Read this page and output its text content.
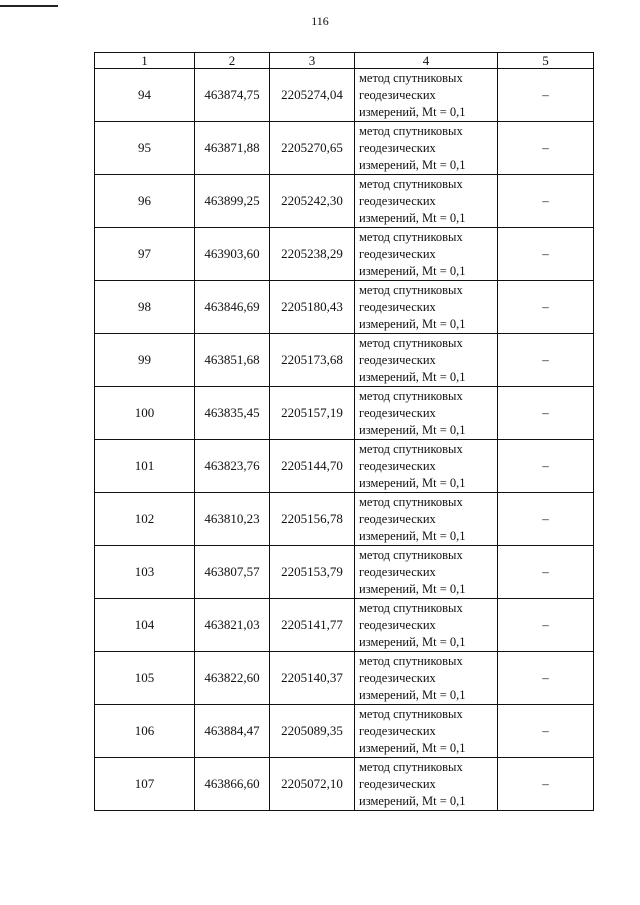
116
1	2	3	4	5
94	463874,75	2205274,04	метод спутниковых
геодезических
измерений, Mt = 0,1	–
95	463871,88	2205270,65	метод спутниковых
геодезических
измерений, Mt = 0,1	–
96	463899,25	2205242,30	метод спутниковых
геодезических
измерений, Mt = 0,1	–
97	463903,60	2205238,29	метод спутниковых
геодезических
измерений, Mt = 0,1	–
98	463846,69	2205180,43	метод спутниковых
геодезических
измерений, Mt = 0,1	–
99	463851,68	2205173,68	метод спутниковых
геодезических
измерений, Mt = 0,1	–
100	463835,45	2205157,19	метод спутниковых
геодезических
измерений, Mt = 0,1	–
101	463823,76	2205144,70	метод спутниковых
геодезических
измерений, Mt = 0,1	–
102	463810,23	2205156,78	метод спутниковых
геодезических
измерений, Mt = 0,1	–
103	463807,57	2205153,79	метод спутниковых
геодезических
измерений, Mt = 0,1	–
104	463821,03	2205141,77	метод спутниковых
геодезических
измерений, Mt = 0,1	–
105	463822,60	2205140,37	метод спутниковых
геодезических
измерений, Mt = 0,1	–
106	463884,47	2205089,35	метод спутниковых
геодезических
измерений, Mt = 0,1	–
107	463866,60	2205072,10	метод спутниковых
геодезических
измерений, Mt = 0,1	–
